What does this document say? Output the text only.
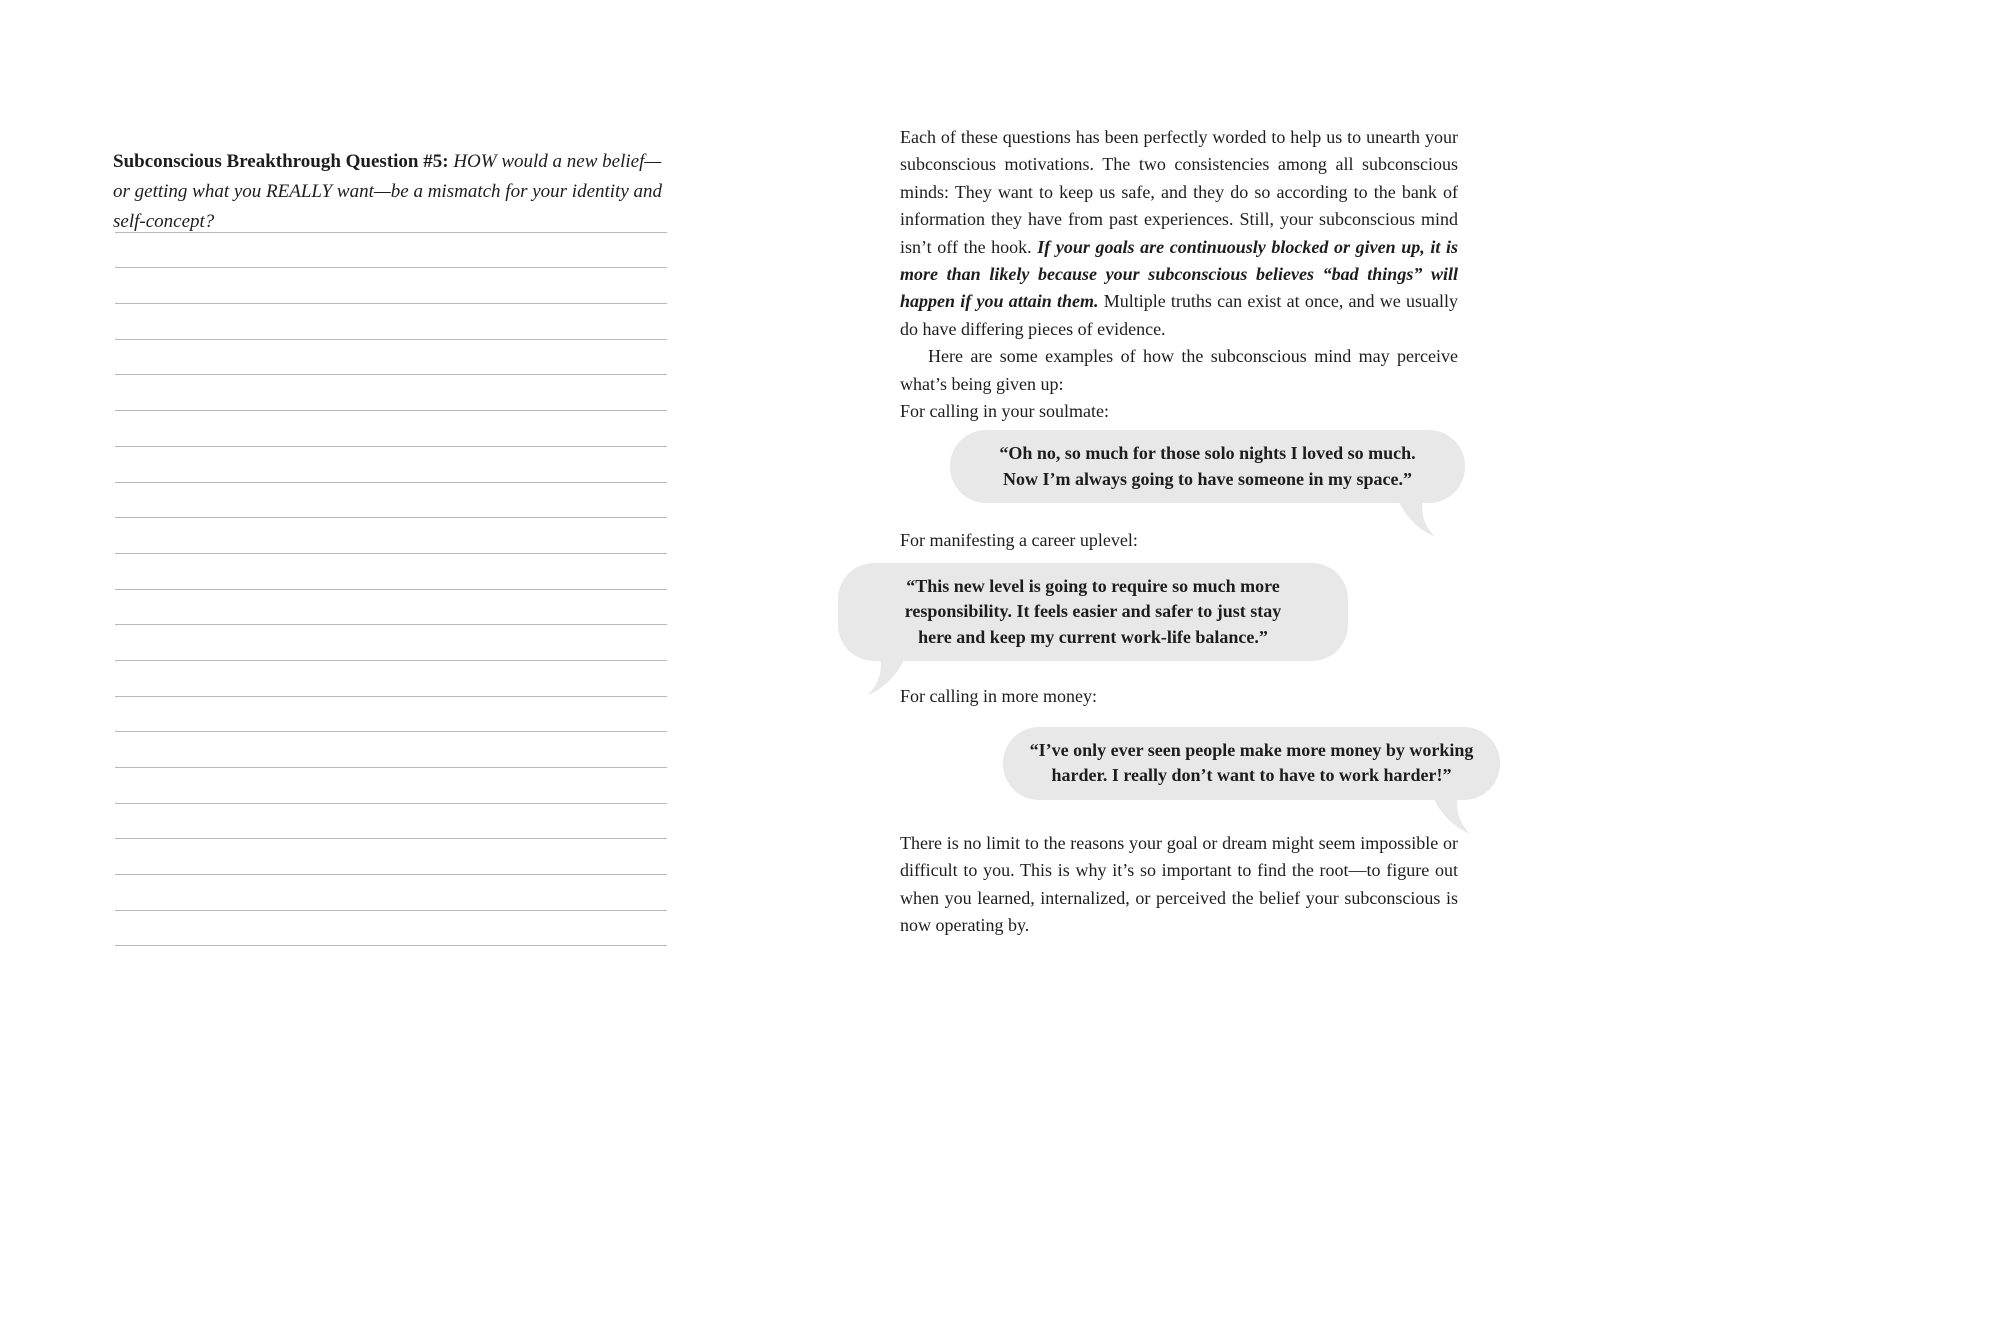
Subconscious Breakthrough Question #5: HOW would a new belief—or getting what you REALLY want—be a mismatch for your identity and self-concept?

Each of these questions has been perfectly worded to help us to unearth your subconscious motivations. The two consistencies among all subconscious minds: They want to keep us safe, and they do so according to the bank of information they have from past experiences. Still, your subconscious mind isn’t off the hook. If your goals are continuously blocked or given up, it is more than likely because your subconscious believes “bad things” will happen if you attain them. Multiple truths can exist at once, and we usually do have differing pieces of evidence.

Here are some examples of how the subconscious mind may perceive what’s being given up:

For calling in your soulmate:

“Oh no, so much for those solo nights I loved so much.
Now I’m always going to have someone in my space.”

For manifesting a career uplevel:

“This new level is going to require so much more
responsibility. It feels easier and safer to just stay
here and keep my current work-life balance.”

For calling in more money:

“I’ve only ever seen people make more money by working
harder. I really don’t want to have to work harder!”

There is no limit to the reasons your goal or dream might seem impossible or difficult to you. This is why it’s so important to find the root—to figure out when you learned, internalized, or perceived the belief your subconscious is now operating by.
